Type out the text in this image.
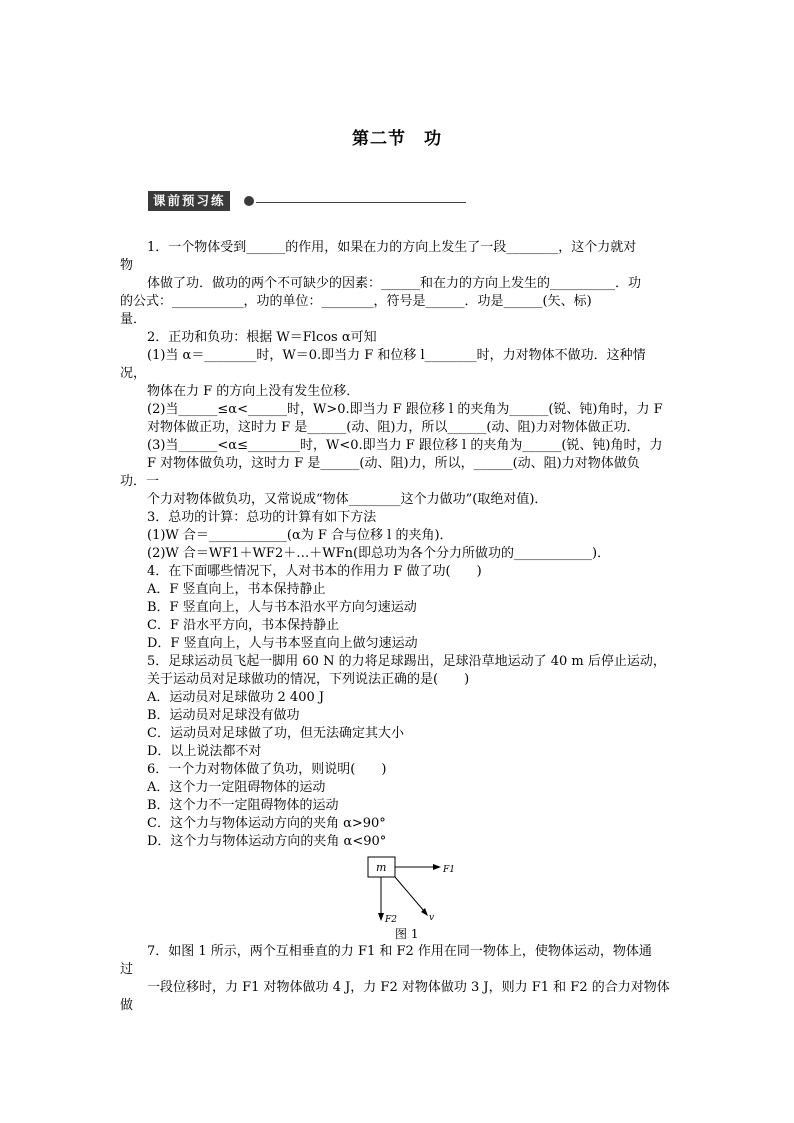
第二节　功
课前预习练
1．一个物体受到______的作用，如果在力的方向上发生了一段________，这个力就对
物
体做了功．做功的两个不可缺少的因素：______和在力的方向上发生的__________．功
的公式：___________，功的单位：________，符号是______．功是______(矢、标)
量．
2．正功和负功：根据 W＝Flcos α可知
(1)当 α＝________时，W＝0.即当力 F 和位移 l________时，力对物体不做功．这种情
况，
物体在力 F 的方向上没有发生位移．
(2)当______≤α<______时，W>0.即当力 F 跟位移 l 的夹角为______(锐、钝)角时，力 F
对物体做正功，这时力 F 是______(动、阻)力，所以______(动、阻)力对物体做正功．
(3)当______<α≤________时，W<0.即当力 F 跟位移 l 的夹角为______(锐、钝)角时，力
F 对物体做负功，这时力 F 是______(动、阻)力，所以，______(动、阻)力对物体做负
功．一
个力对物体做负功，又常说成“物体________这个力做功”(取绝对值)．
3．总功的计算：总功的计算有如下方法
(1)W 合＝____________(α为 F 合与位移 l 的夹角)．
(2)W 合＝WF1＋WF2＋…＋WFn(即总功为各个分力所做功的____________)．
4．在下面哪些情况下，人对书本的作用力 F 做了功(　　)
A．F 竖直向上，书本保持静止
B．F 竖直向上，人与书本沿水平方向匀速运动
C．F 沿水平方向，书本保持静止
D．F 竖直向上，人与书本竖直向上做匀速运动
5．足球运动员飞起一脚用 60 N 的力将足球踢出，足球沿草地运动了 40 m 后停止运动，
关于运动员对足球做功的情况，下列说法正确的是(　　)
A．运动员对足球做功 2 400 J
B．运动员对足球没有做功
C．运动员对足球做了功，但无法确定其大小
D．以上说法都不对
6．一个力对物体做了负功，则说明(　　)
A．这个力一定阻碍物体的运动
B．这个力不一定阻碍物体的运动
C．这个力与物体运动方向的夹角 α>90°
D．这个力与物体运动方向的夹角 α<90°
m	F1
F2	v
图 1
7．如图 1 所示，两个互相垂直的力 F1 和 F2 作用在同一物体上，使物体运动，物体通
过
一段位移时，力 F1 对物体做功 4 J，力 F2 对物体做功 3 J，则力 F1 和 F2 的合力对物体
做
